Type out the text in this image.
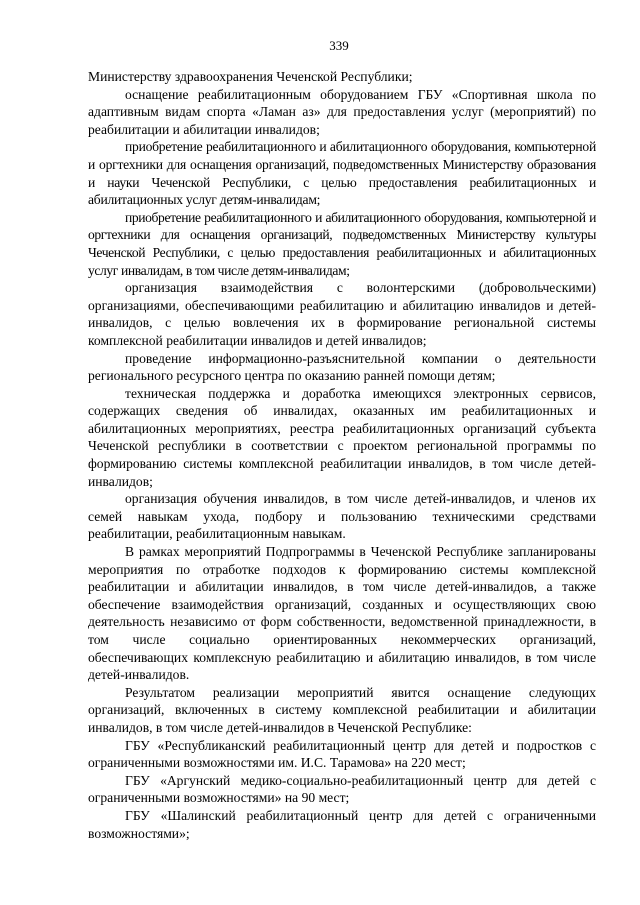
339

Министерству здравоохранения Чеченской Республики;

оснащение реабилитационным оборудованием ГБУ «Спортивная школа по адаптивным видам спорта «Ламан аз» для предоставления услуг (мероприятий) по реабилитации и абилитации инвалидов;

приобретение реабилитационного и абилитационного оборудования, компьютерной и оргтехники для оснащения организаций, подведомственных Министерству образования и науки Чеченской Республики, с целью предоставления реабилитационных и абилитационных услуг детям-инвалидам;

приобретение реабилитационного и абилитационного оборудования, компьютерной и оргтехники для оснащения организаций, подведомственных Министерству культуры Чеченской Республики, с целью предоставления реабилитационных и абилитационных услуг инвалидам, в том числе детям-инвалидам;

организация взаимодействия с волонтерскими (добровольческими) организациями, обеспечивающими реабилитацию и абилитацию инвалидов и детей-инвалидов, с целью вовлечения их в формирование региональной системы комплексной реабилитации инвалидов и детей инвалидов;

проведение информационно-разъяснительной компании о деятельности регионального ресурсного центра по оказанию ранней помощи детям;

техническая поддержка и доработка имеющихся электронных сервисов, содержащих сведения об инвалидах, оказанных им реабилитационных и абилитационных мероприятиях, реестра реабилитационных организаций субъекта Чеченской республики в соответствии с проектом региональной программы по формированию системы комплексной реабилитации инвалидов, в том числе детей-инвалидов;

организация обучения инвалидов, в том числе детей-инвалидов, и членов их семей навыкам ухода, подбору и пользованию техническими средствами реабилитации, реабилитационным навыкам.

В рамках мероприятий Подпрограммы в Чеченской Республике запланированы мероприятия по отработке подходов к формированию системы комплексной реабилитации и абилитации инвалидов, в том числе детей-инвалидов, а также обеспечение взаимодействия организаций, созданных и осуществляющих свою деятельность независимо от форм собственности, ведомственной принадлежности, в том числе социально ориентированных некоммерческих организаций, обеспечивающих комплексную реабилитацию и абилитацию инвалидов, в том числе детей-инвалидов.

Результатом реализации мероприятий явится оснащение следующих организаций, включенных в систему комплексной реабилитации и абилитации инвалидов, в том числе детей-инвалидов в Чеченской Республике:

ГБУ «Республиканский реабилитационный центр для детей и подростков с ограниченными возможностями им. И.С. Тарамова» на 220 мест;

ГБУ «Аргунский медико-социально-реабилитационный центр для детей с ограниченными возможностями» на 90 мест;

ГБУ «Шалинский реабилитационный центр для детей с ограниченными возможностями»;
